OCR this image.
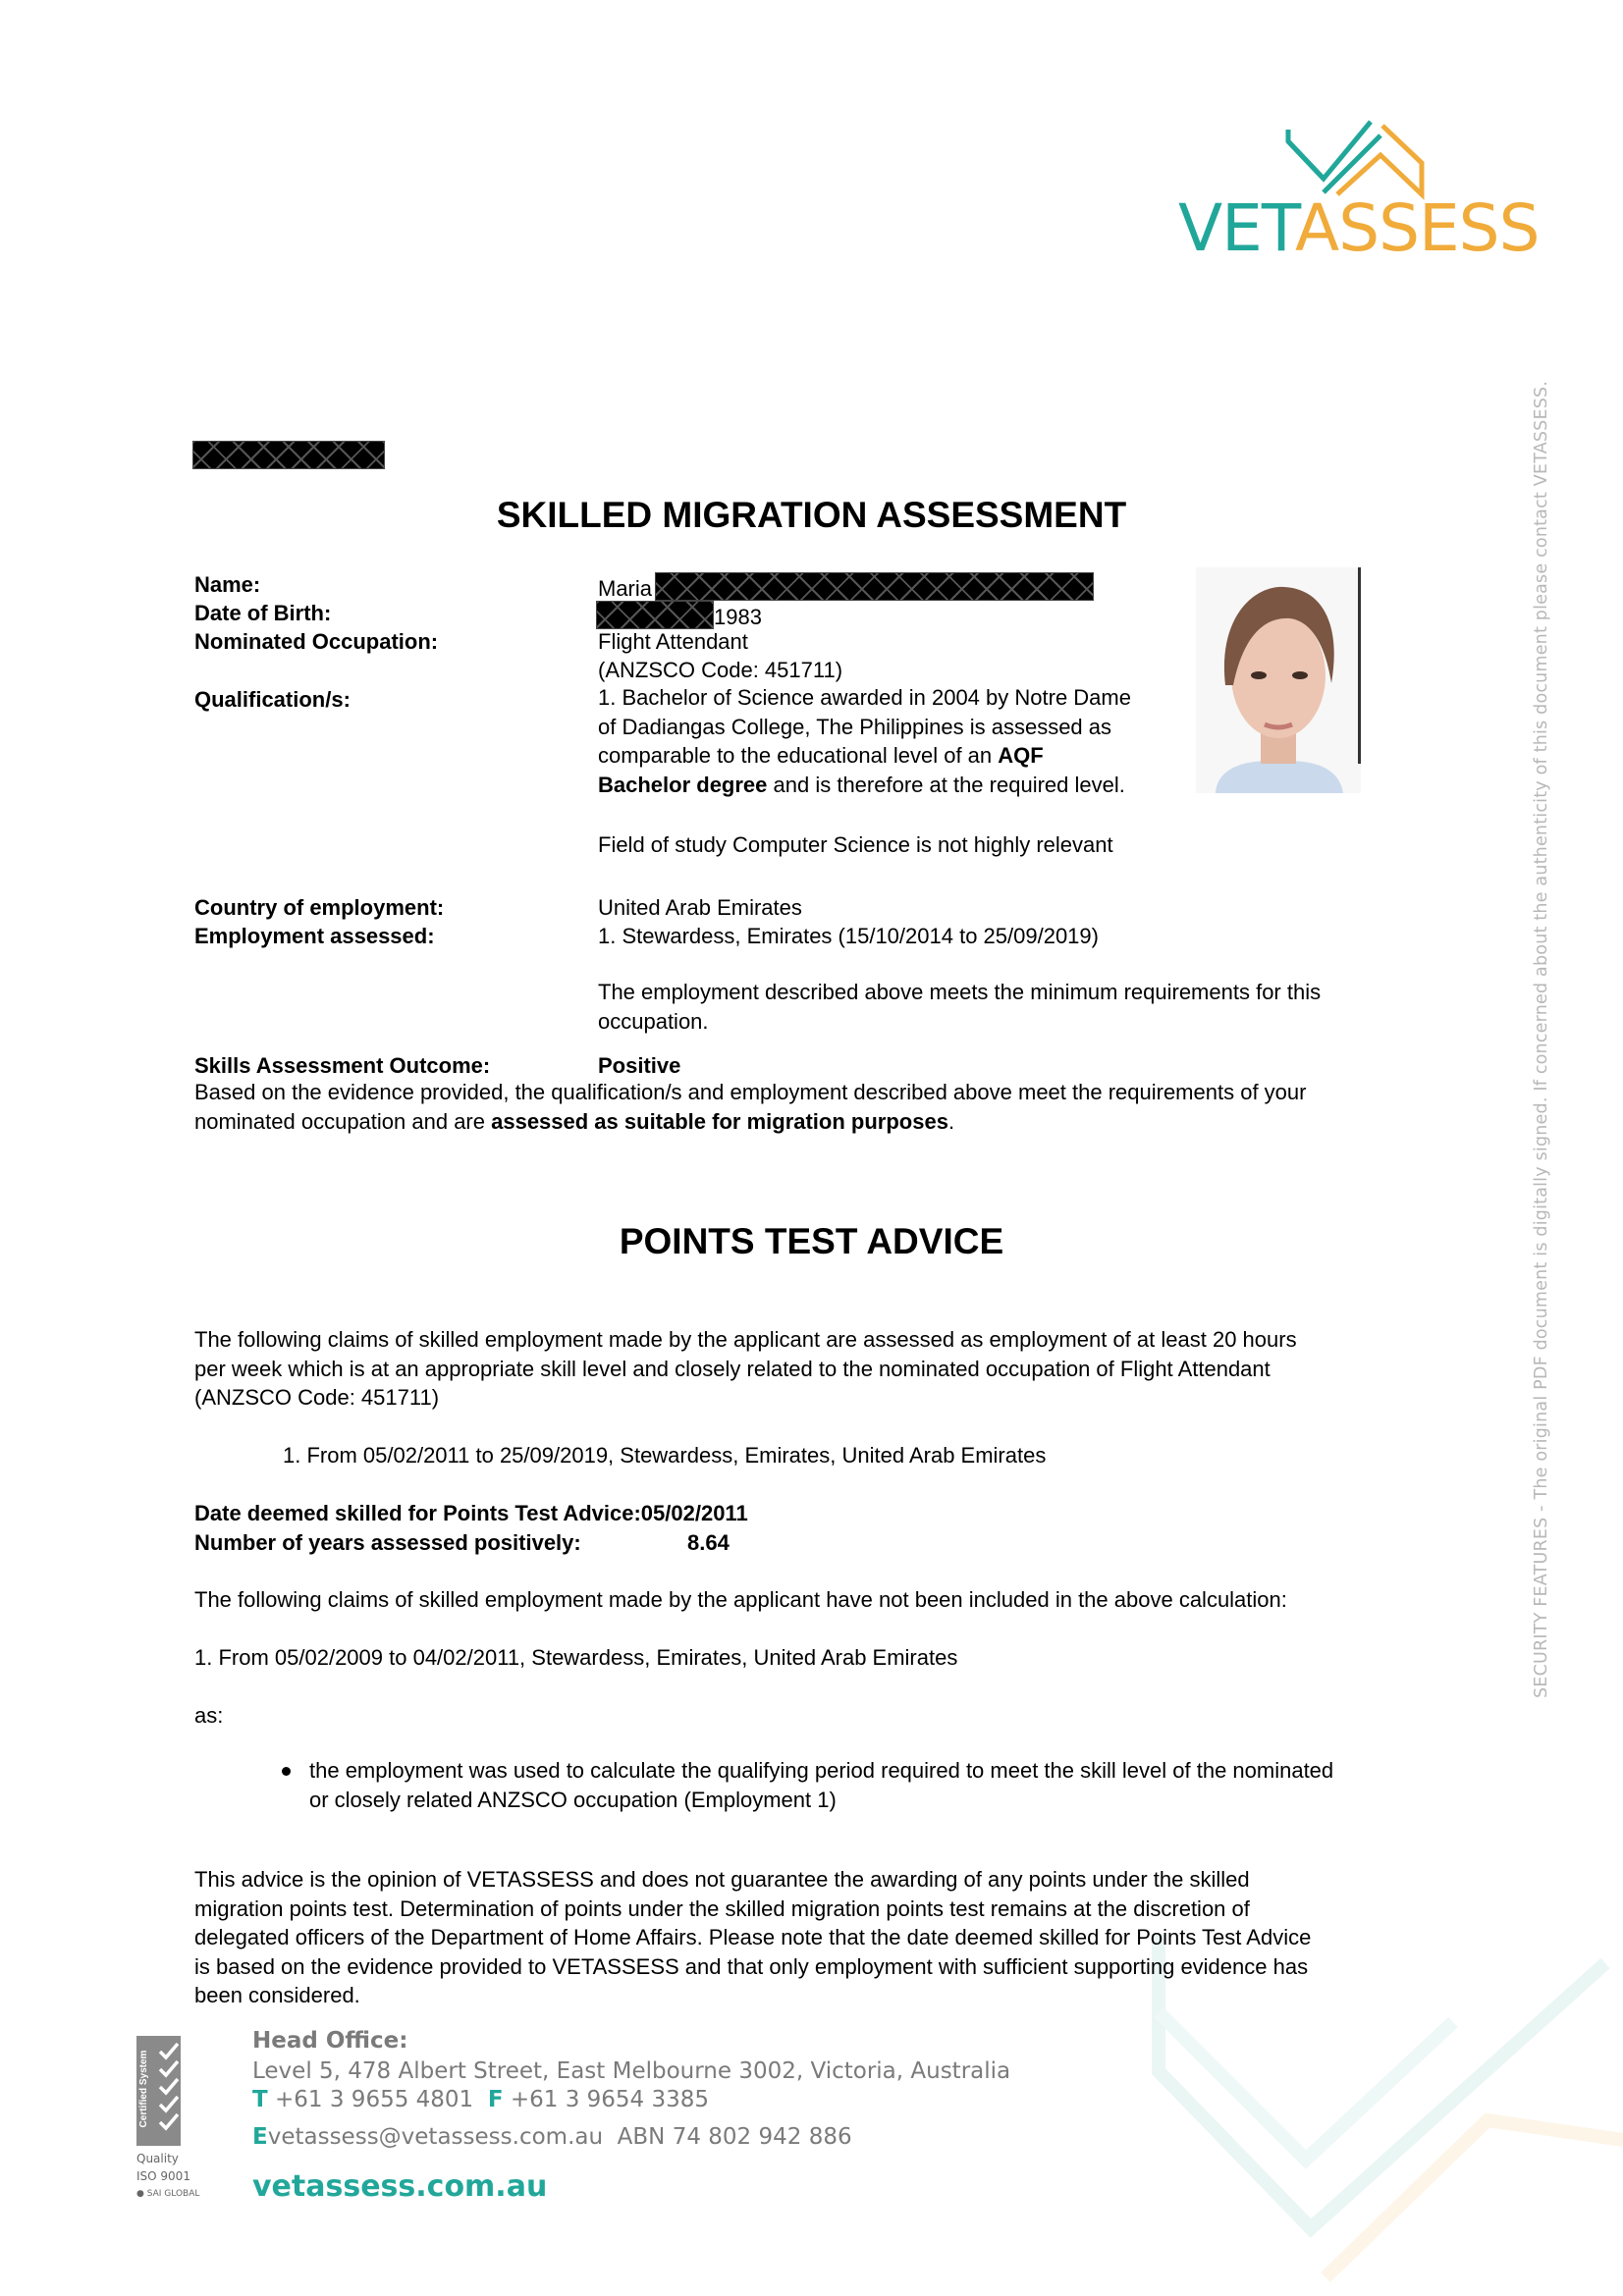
VETASSESS
SECURITY FEATURES - The original PDF document is digitally signed. If concerned about the authenticity of this document please contact VETASSESS.
SKILLED MIGRATION ASSESSMENT
Name:	Maria
Date of Birth:	1983
Nominated Occupation:	Flight Attendant
(ANZSCO Code: 451711)
Qualification/s:	1. Bachelor of Science awarded in 2004 by Notre Dame
of Dadiangas College, The Philippines is assessed as
comparable to the educational level of an AQF
Bachelor degree and is therefore at the required level.
Field of study Computer Science is not highly relevant
Country of employment:	United Arab Emirates
Employment assessed:	1. Stewardess, Emirates (15/10/2014 to 25/09/2019)
The employment described above meets the minimum requirements for this
occupation.
Skills Assessment Outcome:	Positive
Based on the evidence provided, the qualification/s and employment described above meet the requirements of your
nominated occupation and are assessed as suitable for migration purposes.
POINTS TEST ADVICE
The following claims of skilled employment made by the applicant are assessed as employment of at least 20 hours
per week which is at an appropriate skill level and closely related to the nominated occupation of Flight Attendant
(ANZSCO Code: 451711)
1. From 05/02/2011 to 25/09/2019, Stewardess, Emirates, United Arab Emirates
Date deemed skilled for Points Test Advice:05/02/2011
Number of years assessed positively:	8.64
The following claims of skilled employment made by the applicant have not been included in the above calculation:
1. From 05/02/2009 to 04/02/2011, Stewardess, Emirates, United Arab Emirates
as:
the employment was used to calculate the qualifying period required to meet the skill level of the nominated
or closely related ANZSCO occupation (Employment 1)
This advice is the opinion of VETASSESS and does not guarantee the awarding of any points under the skilled
migration points test. Determination of points under the skilled migration points test remains at the discretion of
delegated officers of the Department of Home Affairs. Please note that the date deemed skilled for Points Test Advice
is based on the evidence provided to VETASSESS and that only employment with sufficient supporting evidence has
been considered.
Certified System
Quality
ISO 9001
● SAI GLOBAL
Head Office:
Level 5, 478 Albert Street, East Melbourne 3002, Victoria, Australia
T +61 3 9655 4801 F +61 3 9654 3385
Evetassess@vetassess.com.au ABN 74 802 942 886
vetassess.com.au
